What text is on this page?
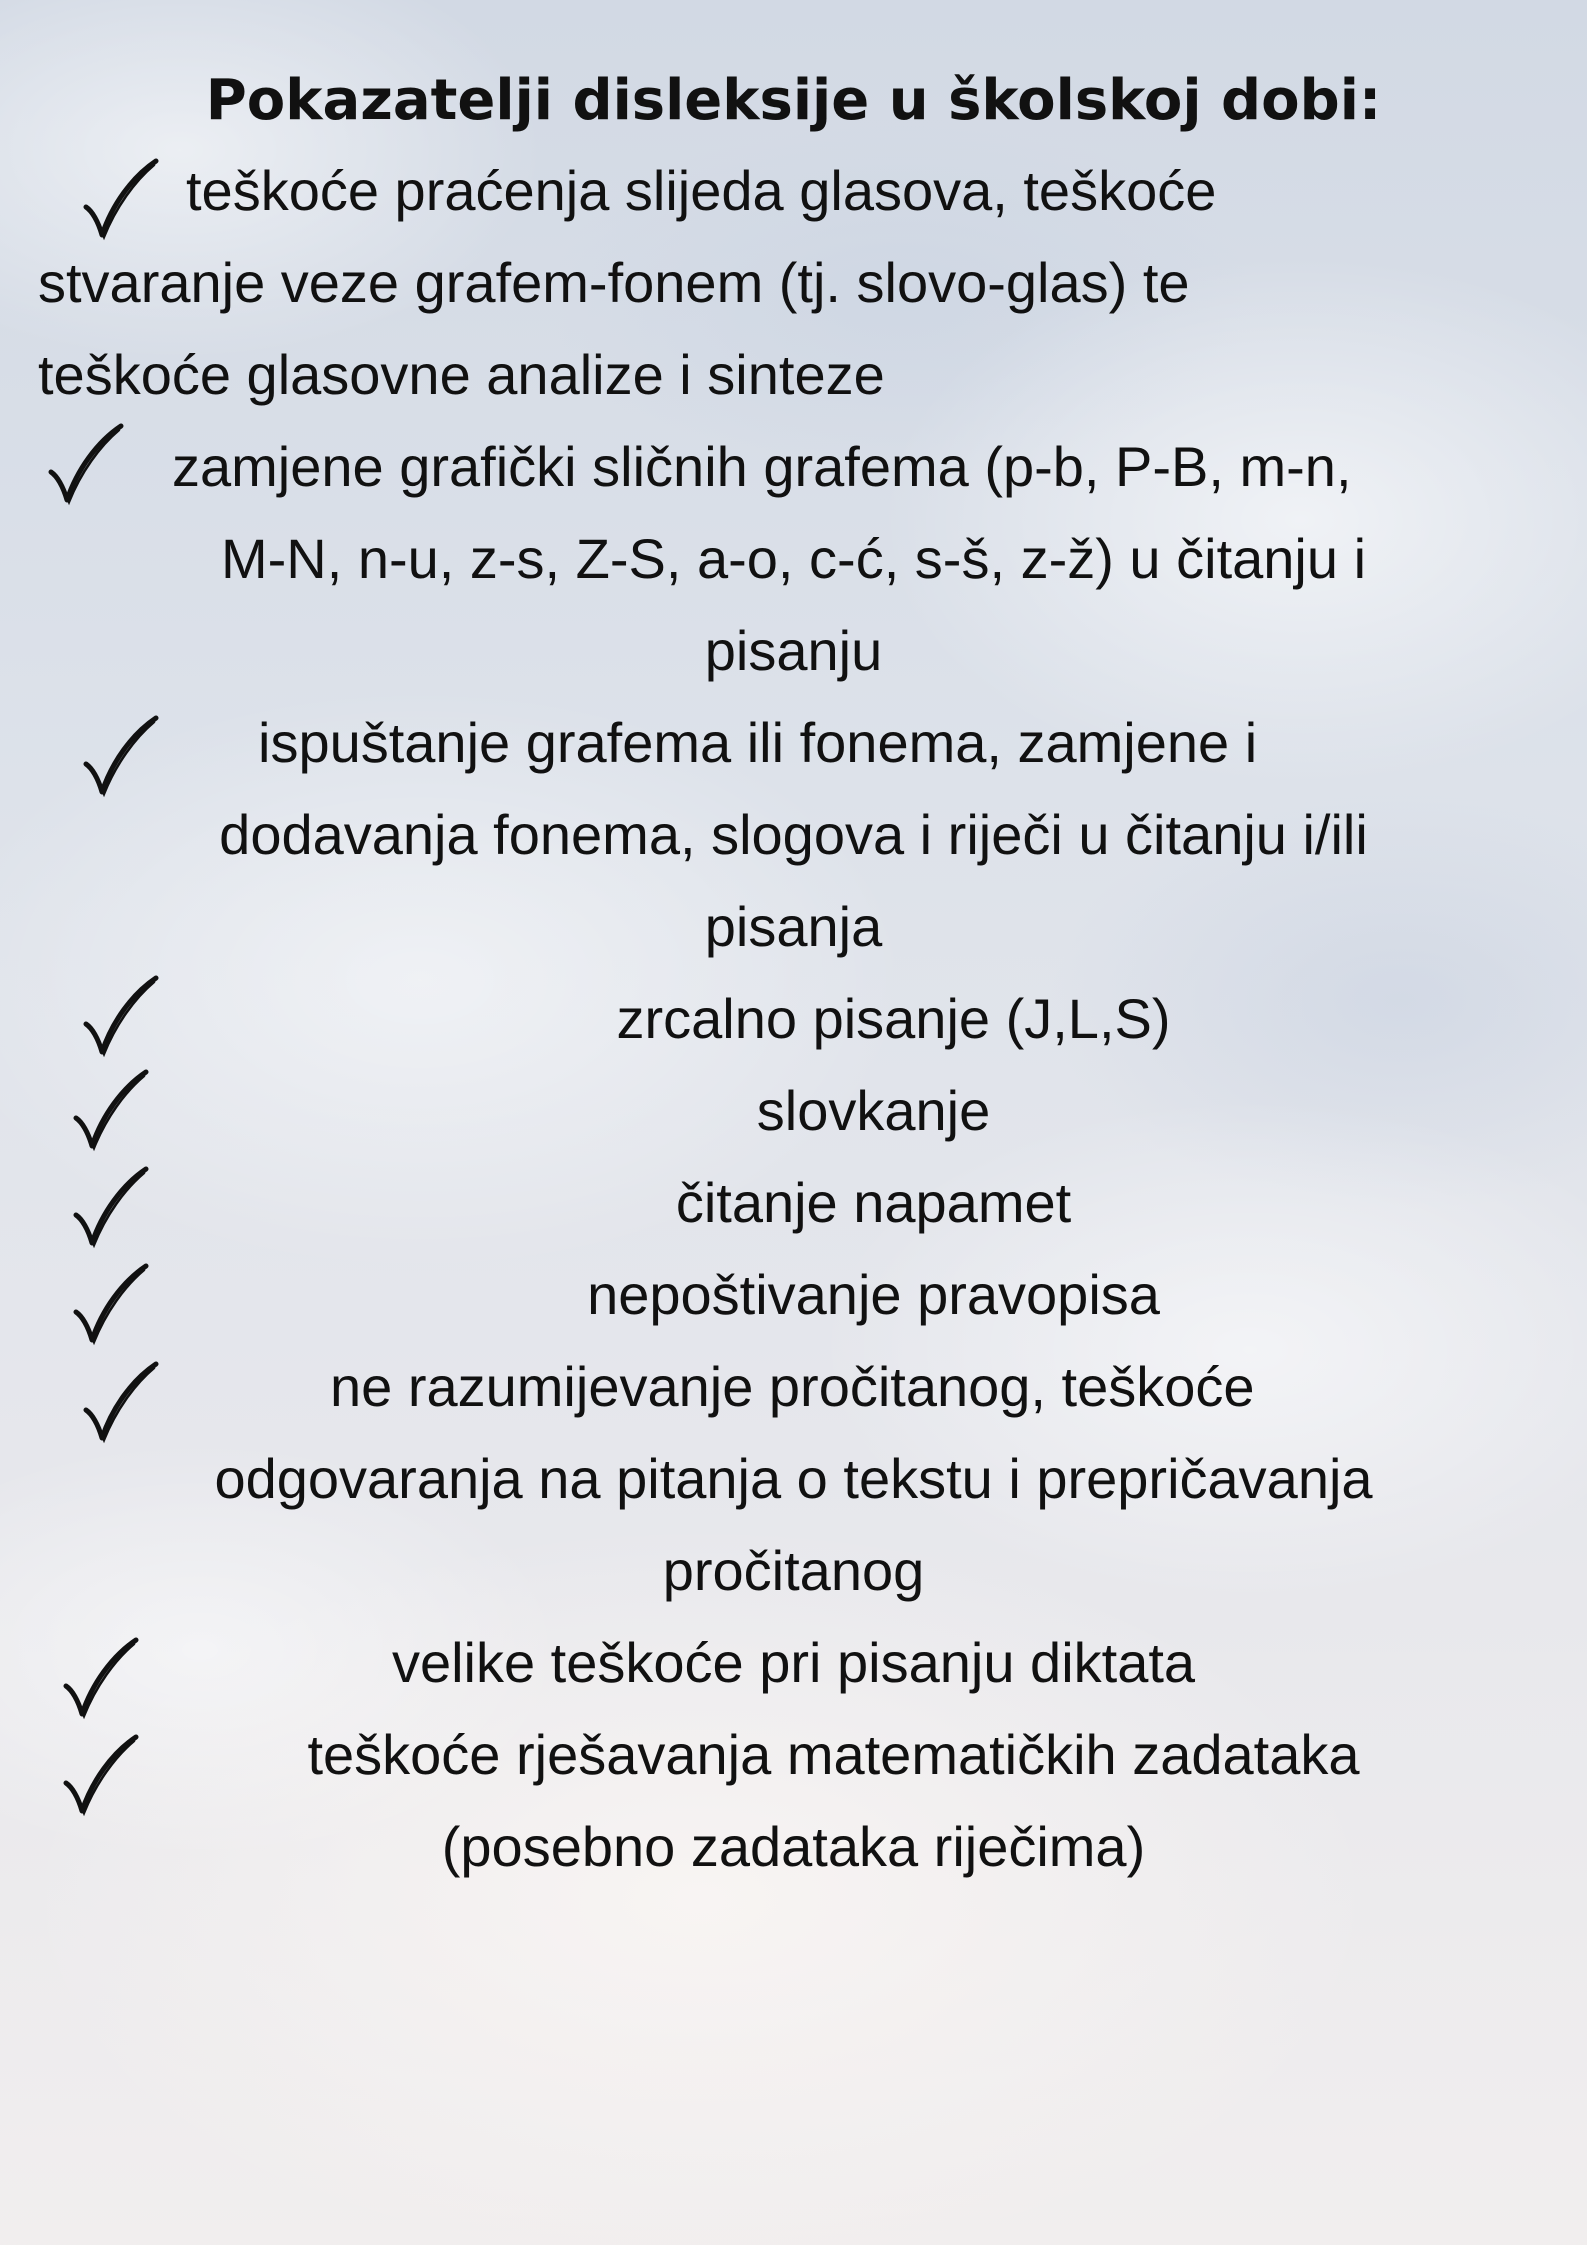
Pokazatelji disleksije u školskoj dobi:

teškoće praćenja slijeda glasova, teškoće

stvaranje veze grafem-fonem (tj. slovo-glas) te

teškoće glasovne analize i sinteze

zamjene grafički sličnih grafema (p-b, P-B, m-n,

M-N, n-u, z-s, Z-S, a-o, c-ć, s-š, z-ž) u čitanju i

pisanju

ispuštanje grafema ili fonema, zamjene i

dodavanja fonema, slogova i riječi u čitanju i/ili

pisanja

zrcalno pisanje (J,L,S)

slovkanje

čitanje napamet

nepoštivanje pravopisa

ne razumijevanje pročitanog, teškoće

odgovaranja na pitanja o tekstu i prepričavanja

pročitanog

velike teškoće pri pisanju diktata

teškoće rješavanja matematičkih zadataka

(posebno zadataka riječima)
